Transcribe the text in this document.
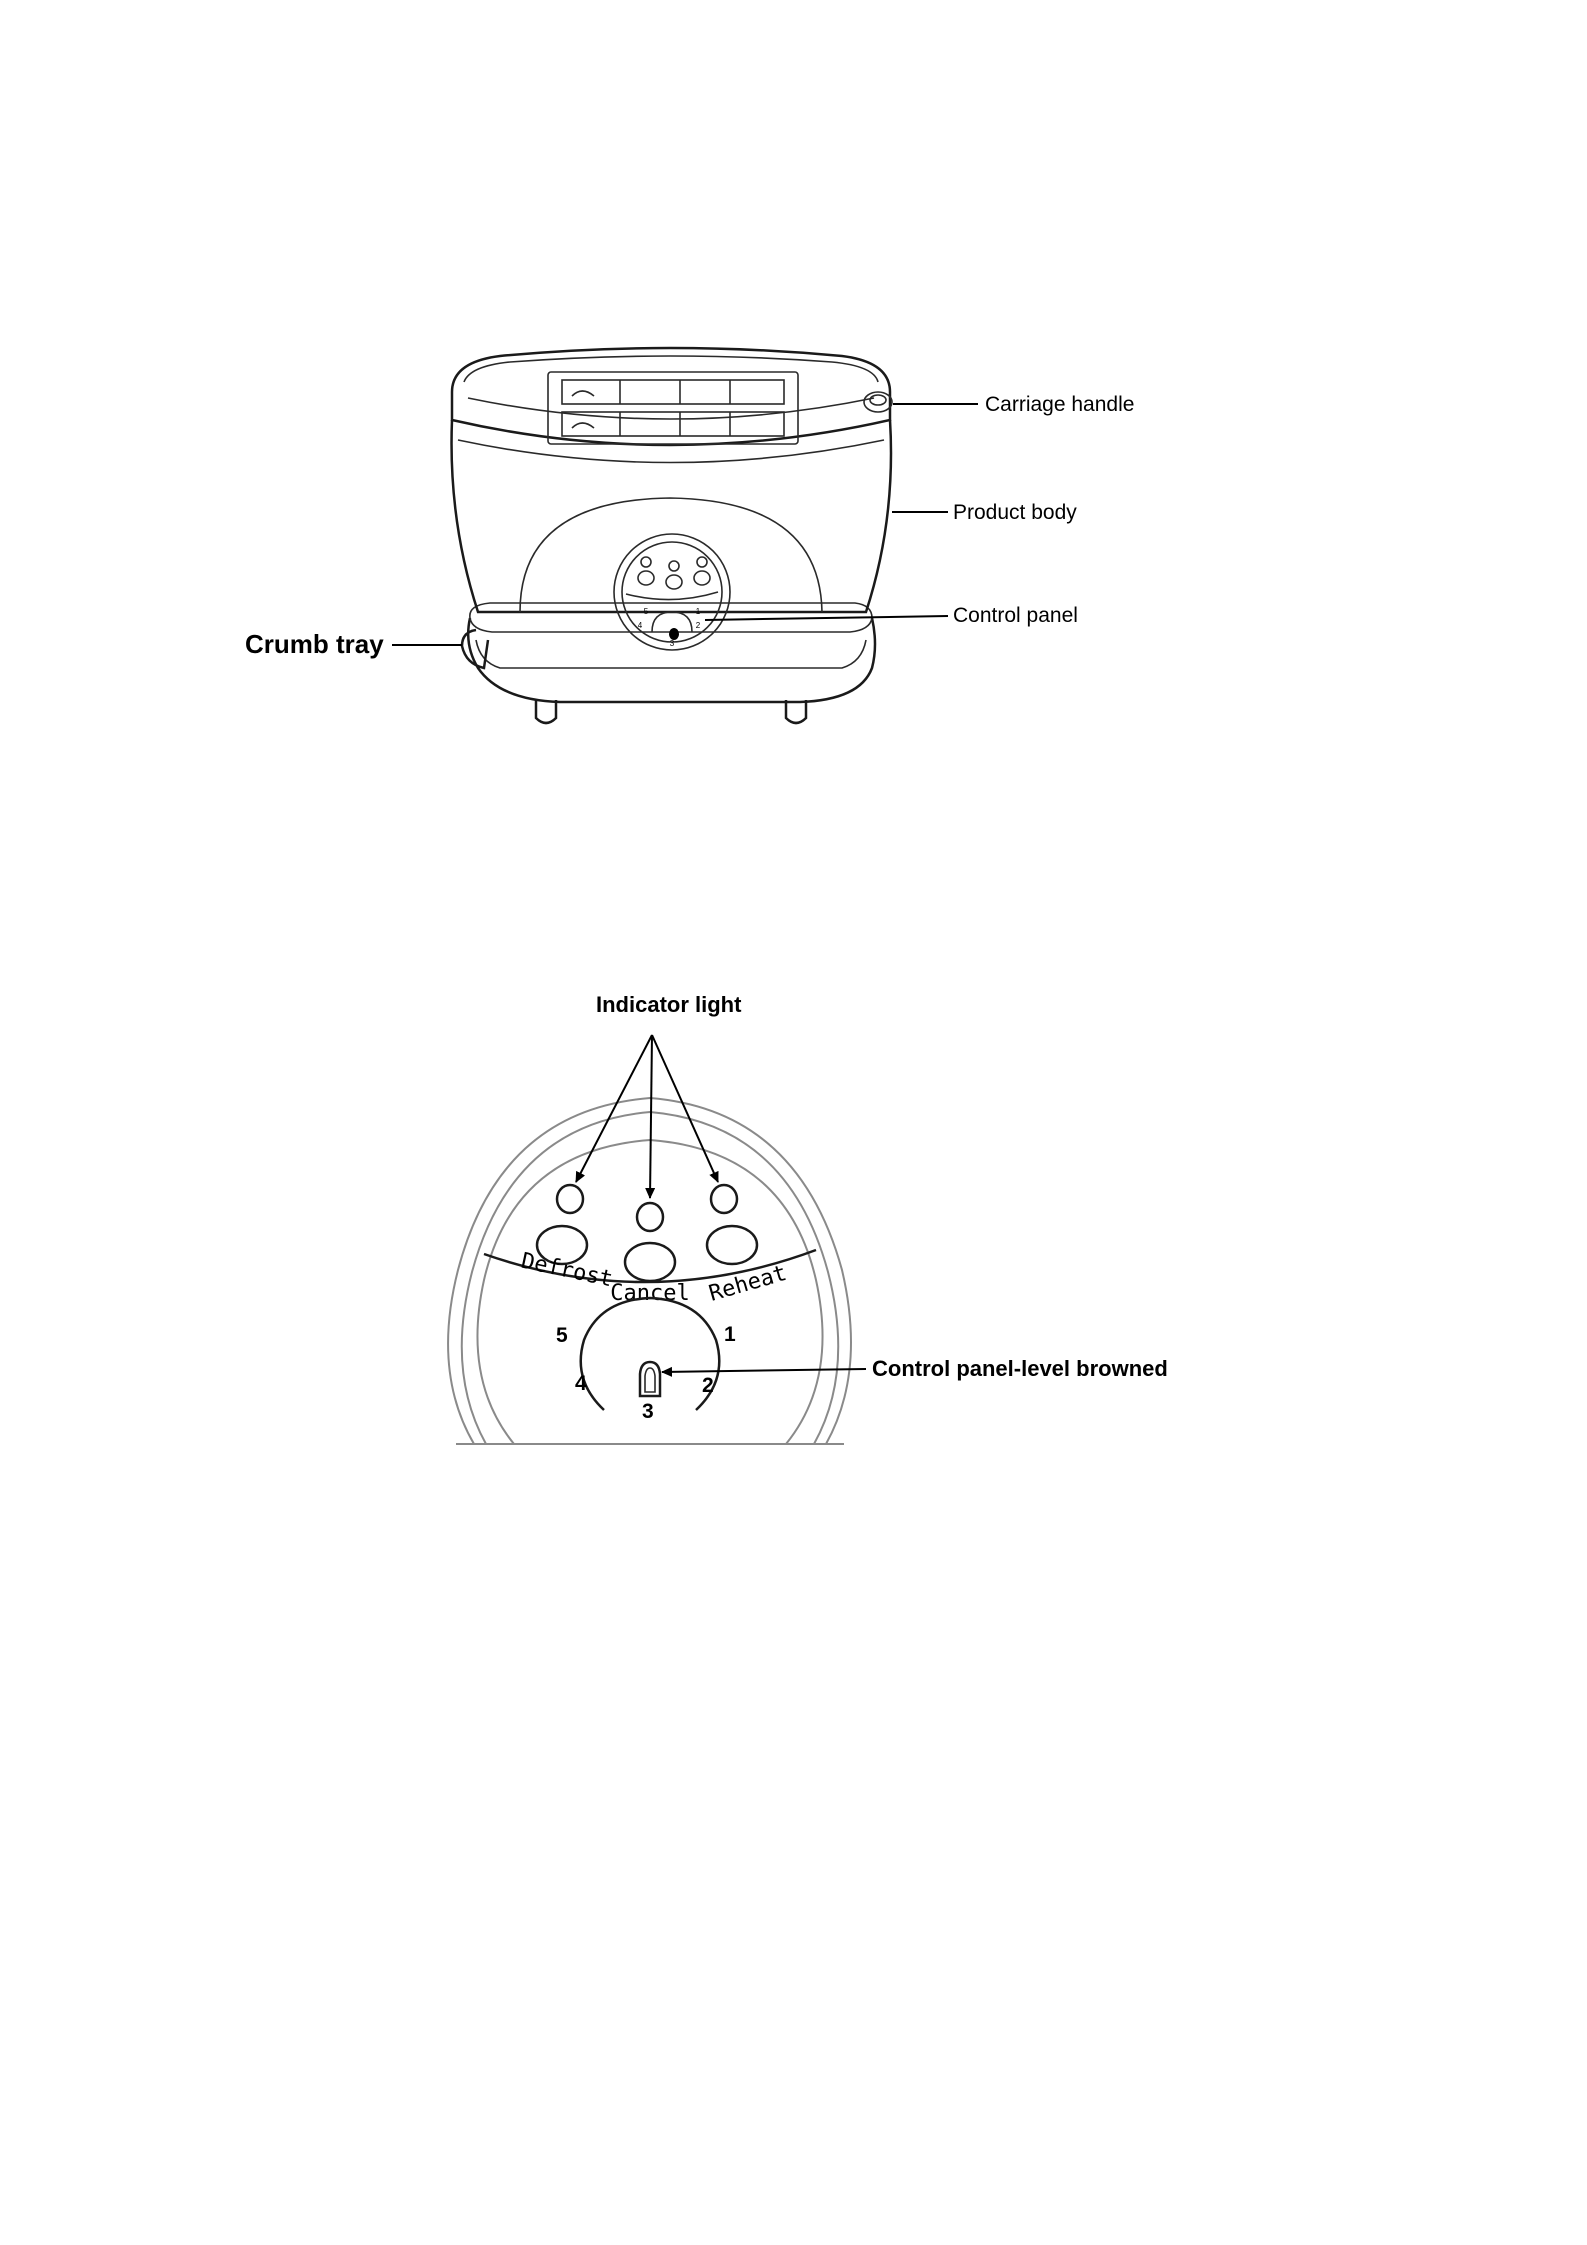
4	2
3
5	1
Carriage handle
Product body
Control panel
Crumb tray
Defrost
Cancel Reheat
1
2
3
4
5
Indicator light
Control panel-level browned
